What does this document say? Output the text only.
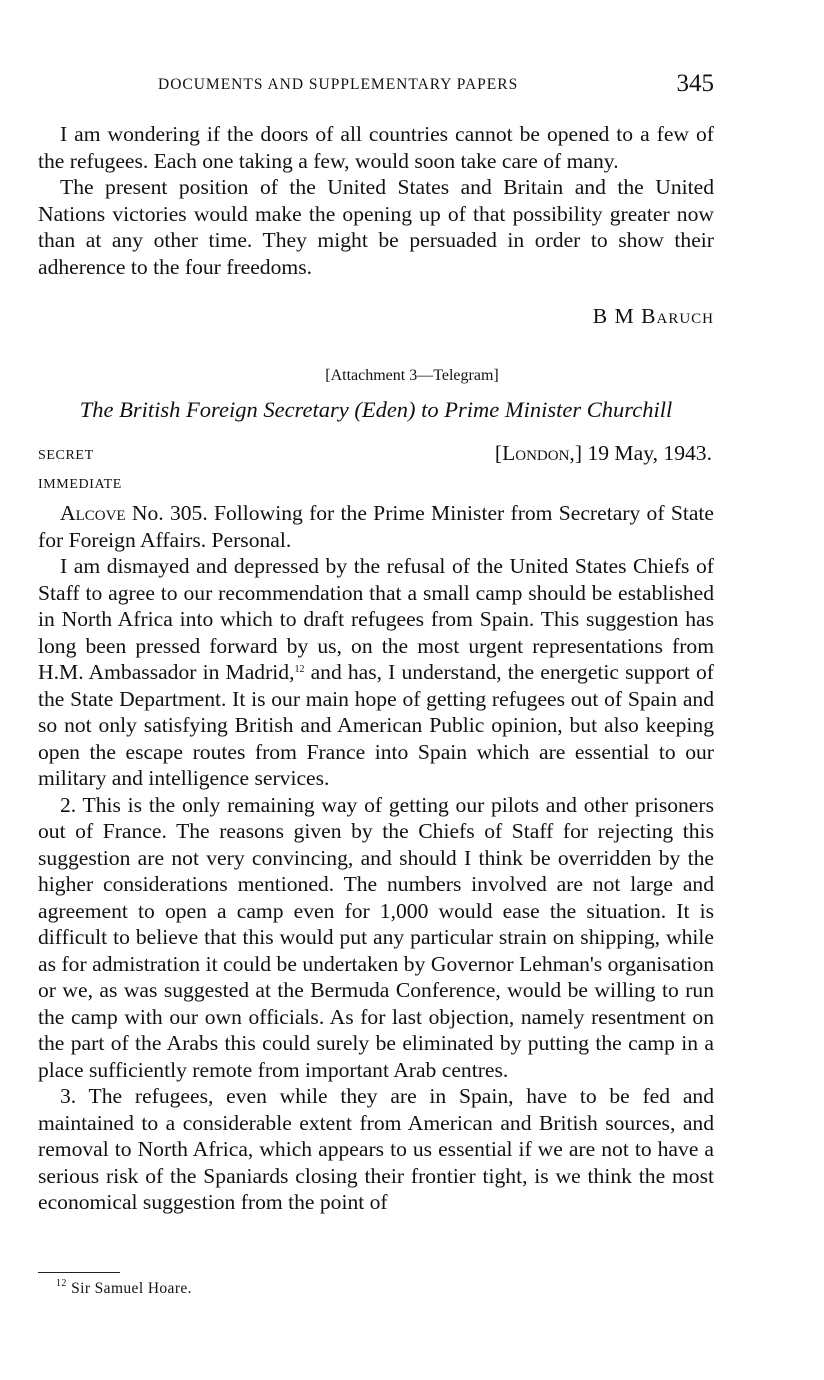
DOCUMENTS AND SUPPLEMENTARY PAPERS	345

I am wondering if the doors of all countries cannot be opened to a few of the refugees. Each one taking a few, would soon take care of many.

The present position of the United States and Britain and the United Nations victories would make the opening up of that possibility greater now than at any other time. They might be persuaded in order to show their adherence to the four freedoms.

B M Baruch
[Attachment 3—Telegram]
The British Foreign Secretary (Eden) to Prime Minister Churchill
SECRET	[London,] 19 May, 1943.
IMMEDIATE

Alcove No. 305. Following for the Prime Minister from Secretary of State for Foreign Affairs. Personal.

I am dismayed and depressed by the refusal of the United States Chiefs of Staff to agree to our recommendation that a small camp should be established in North Africa into which to draft refugees from Spain. This suggestion has long been pressed forward by us, on the most urgent representations from H.M. Ambassador in Madrid,$^{12}$ and has, I understand, the energetic support of the State Department. It is our main hope of getting refugees out of Spain and so not only satisfying British and American Public opinion, but also keeping open the escape routes from France into Spain which are essential to our military and intelligence services.

2. This is the only remaining way of getting our pilots and other prisoners out of France. The reasons given by the Chiefs of Staff for rejecting this suggestion are not very convincing, and should I think be overridden by the higher considerations mentioned. The numbers involved are not large and agreement to open a camp even for 1,000 would ease the situation. It is difficult to believe that this would put any particular strain on shipping, while as for admistration it could be undertaken by Governor Lehman's organisation or we, as was suggested at the Bermuda Conference, would be willing to run the camp with our own officials. As for last objection, namely resentment on the part of the Arabs this could surely be eliminated by putting the camp in a place sufficiently remote from important Arab centres.

3. The refugees, even while they are in Spain, have to be fed and maintained to a considerable extent from American and British sources, and removal to North Africa, which appears to us essential if we are not to have a serious risk of the Spaniards closing their frontier tight, is we think the most economical suggestion from the point of

$^{12}$ Sir Samuel Hoare.
